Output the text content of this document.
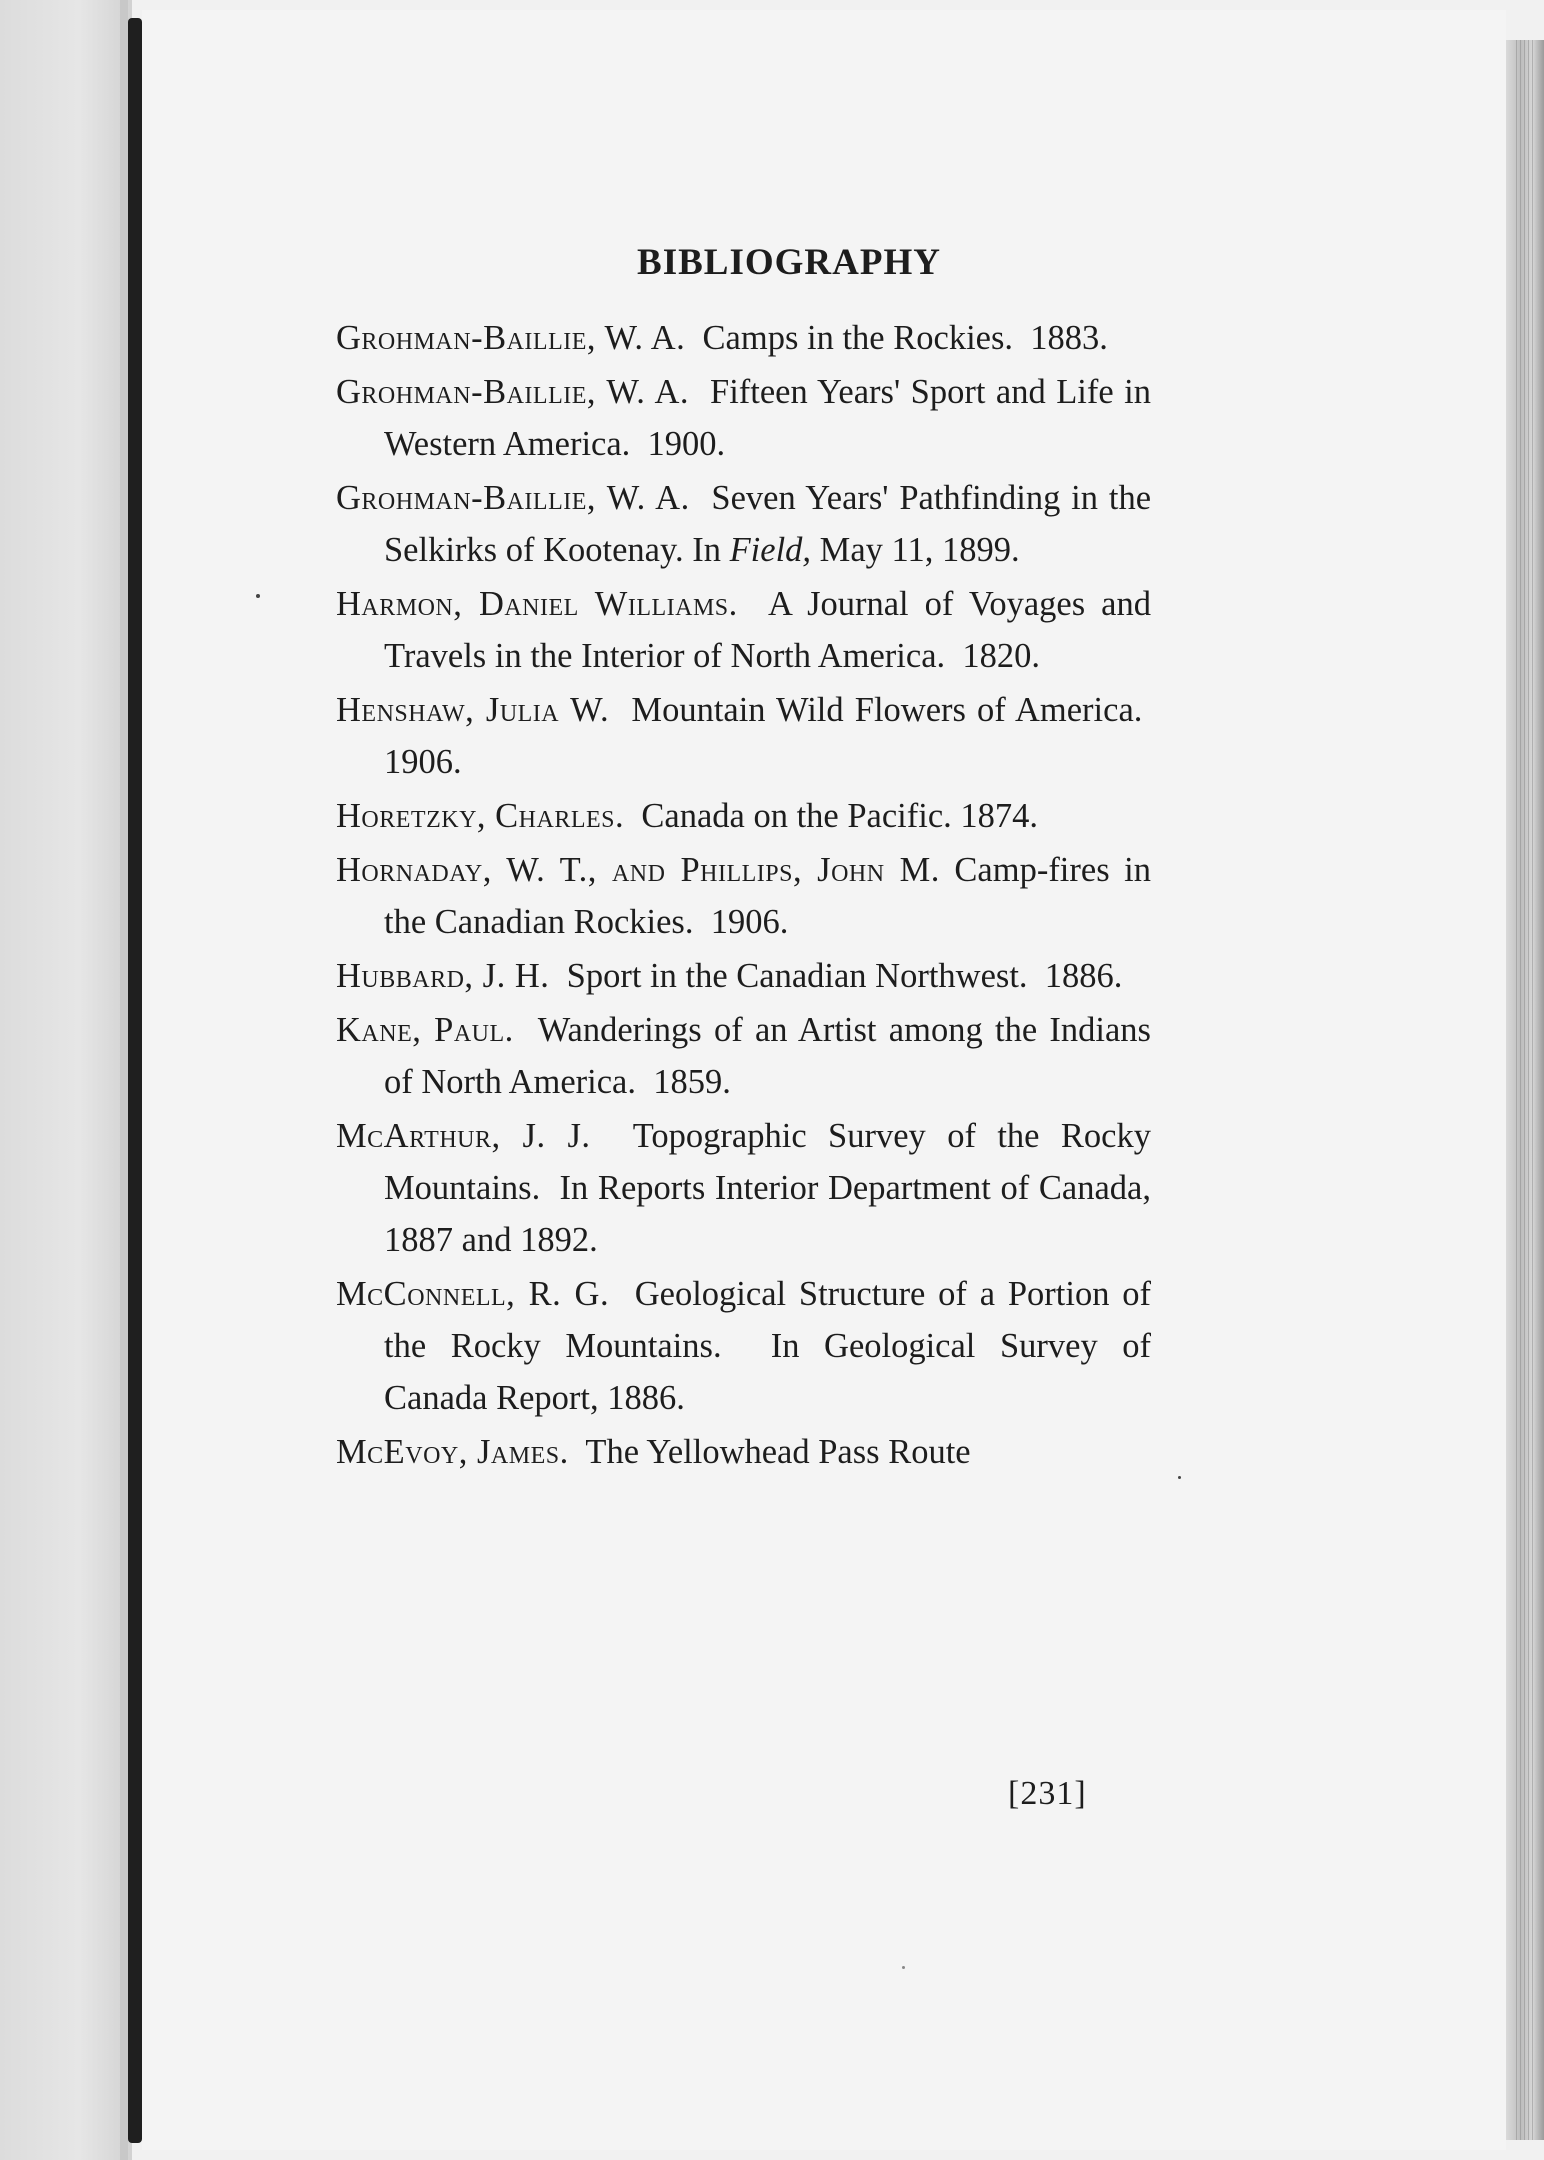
BIBLIOGRAPHY

Grohman-Baillie, W. A. Camps in the Rockies. 1883.

Grohman-Baillie, W. A. Fifteen Years' Sport and Life in Western America. 1900.

Grohman-Baillie, W. A. Seven Years' Pathfinding in the Selkirks of Kootenay. In Field, May 11, 1899.

Harmon, Daniel Williams. A Journal of Voyages and Travels in the Interior of North America. 1820.

Henshaw, Julia W. Mountain Wild Flowers of America.  1906.

Horetzky, Charles. Canada on the Pacific. 1874.

Hornaday, W. T., and Phillips, John M. Camp-fires in the Canadian Rockies. 1906.

Hubbard, J. H. Sport in the Canadian Northwest. 1886.

Kane, Paul. Wanderings of an Artist among the Indians of North America. 1859.

McArthur, J. J. Topographic Survey of the Rocky Mountains. In Reports Interior Department of Canada, 1887 and 1892.

McConnell, R. G. Geological Structure of a Portion of the Rocky Mountains. In Geological Survey of Canada Report, 1886.

McEvoy, James. The Yellowhead Pass Route

[231]
